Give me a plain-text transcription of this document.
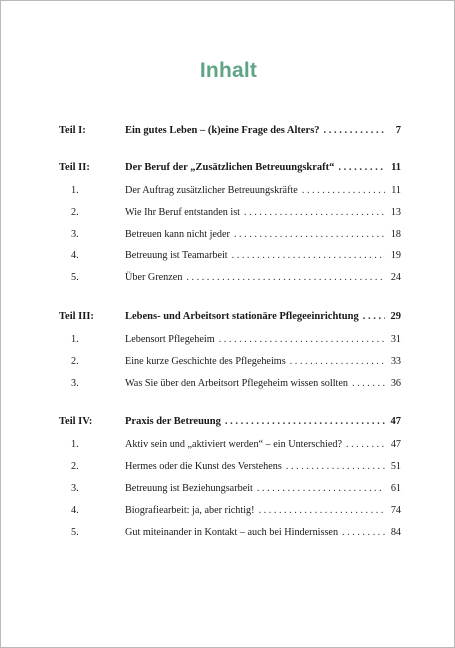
Inhalt
Teil I:	Ein gutes Leben – (k)eine Frage des Alters? . . .	7
Teil II:	Der Beruf der „Zusätzlichen Betreuungskraft“ . . .	11
1.	Der Auftrag zusätzlicher Betreuungskräfte . . .	11
2.	Wie Ihr Beruf entstanden ist . . .	13
3.	Betreuen kann nicht jeder . . .	18
4.	Betreuung ist Teamarbeit . . .	19
5.	Über Grenzen . . .	24
Teil III:	Lebens- und Arbeitsort stationäre Pflegeeinrichtung . . .	29
1.	Lebensort Pflegeheim . . .	31
2.	Eine kurze Geschichte des Pflegeheims . . .	33
3.	Was Sie über den Arbeitsort Pflegeheim wissen sollten . . .	36
Teil IV:	Praxis der Betreuung . . .	47
1.	Aktiv sein und „aktiviert werden“ – ein Unterschied? . . .	47
2.	Hermes oder die Kunst des Verstehens . . .	51
3.	Betreuung ist Beziehungsarbeit . . .	61
4.	Biografiearbeit: ja, aber richtig! . . .	74
5.	Gut miteinander in Kontakt – auch bei Hindernissen . . .	84
